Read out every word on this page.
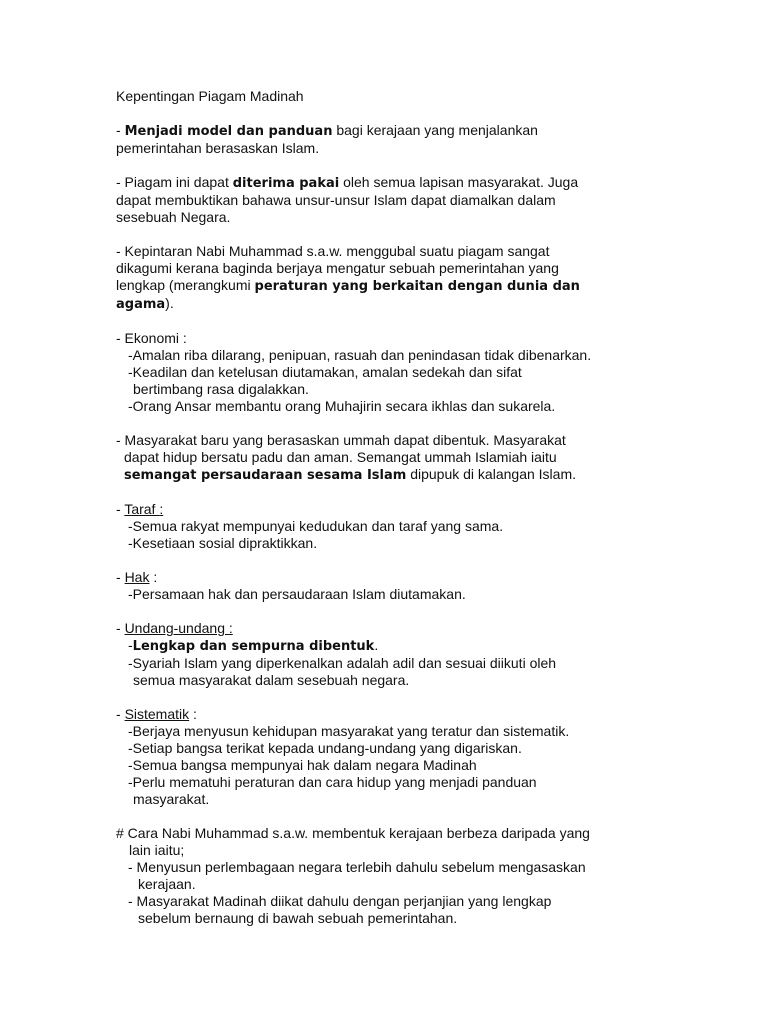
Kepentingan Piagam Madinah

- Menjadi model dan panduan bagi kerajaan yang menjalankan

pemerintahan berasaskan Islam.

- Piagam ini dapat diterima pakai oleh semua lapisan masyarakat. Juga

dapat membuktikan bahawa unsur-unsur Islam dapat diamalkan dalam

sesebuah Negara.

- Kepintaran Nabi Muhammad s.a.w. menggubal suatu piagam sangat

dikagumi kerana baginda berjaya mengatur sebuah pemerintahan yang

lengkap (merangkumi peraturan yang berkaitan dengan dunia dan

agama).

- Ekonomi :

-Amalan riba dilarang, penipuan, rasuah dan penindasan tidak dibenarkan.

-Keadilan dan ketelusan diutamakan, amalan sedekah dan sifat

bertimbang rasa digalakkan.

-Orang Ansar membantu orang Muhajirin secara ikhlas dan sukarela.

- Masyarakat baru yang berasaskan ummah dapat dibentuk. Masyarakat

dapat hidup bersatu padu dan aman. Semangat ummah Islamiah iaitu

semangat persaudaraan sesama Islam dipupuk di kalangan Islam.

- Taraf :

-Semua rakyat mempunyai kedudukan dan taraf yang sama.

-Kesetiaan sosial dipraktikkan.

- Hak :

-Persamaan hak dan persaudaraan Islam diutamakan.

- Undang-undang :

-Lengkap dan sempurna dibentuk.

-Syariah Islam yang diperkenalkan adalah adil dan sesuai diikuti oleh

semua masyarakat dalam sesebuah negara.

- Sistematik :

-Berjaya menyusun kehidupan masyarakat yang teratur dan sistematik.

-Setiap bangsa terikat kepada undang-undang yang digariskan.

-Semua bangsa mempunyai hak dalam negara Madinah

-Perlu mematuhi peraturan dan cara hidup yang menjadi panduan

masyarakat.

# Cara Nabi Muhammad s.a.w. membentuk kerajaan berbeza daripada yang

lain iaitu;

- Menyusun perlembagaan negara terlebih dahulu sebelum mengasaskan

kerajaan.

- Masyarakat Madinah diikat dahulu dengan perjanjian yang lengkap

sebelum bernaung di bawah sebuah pemerintahan.
